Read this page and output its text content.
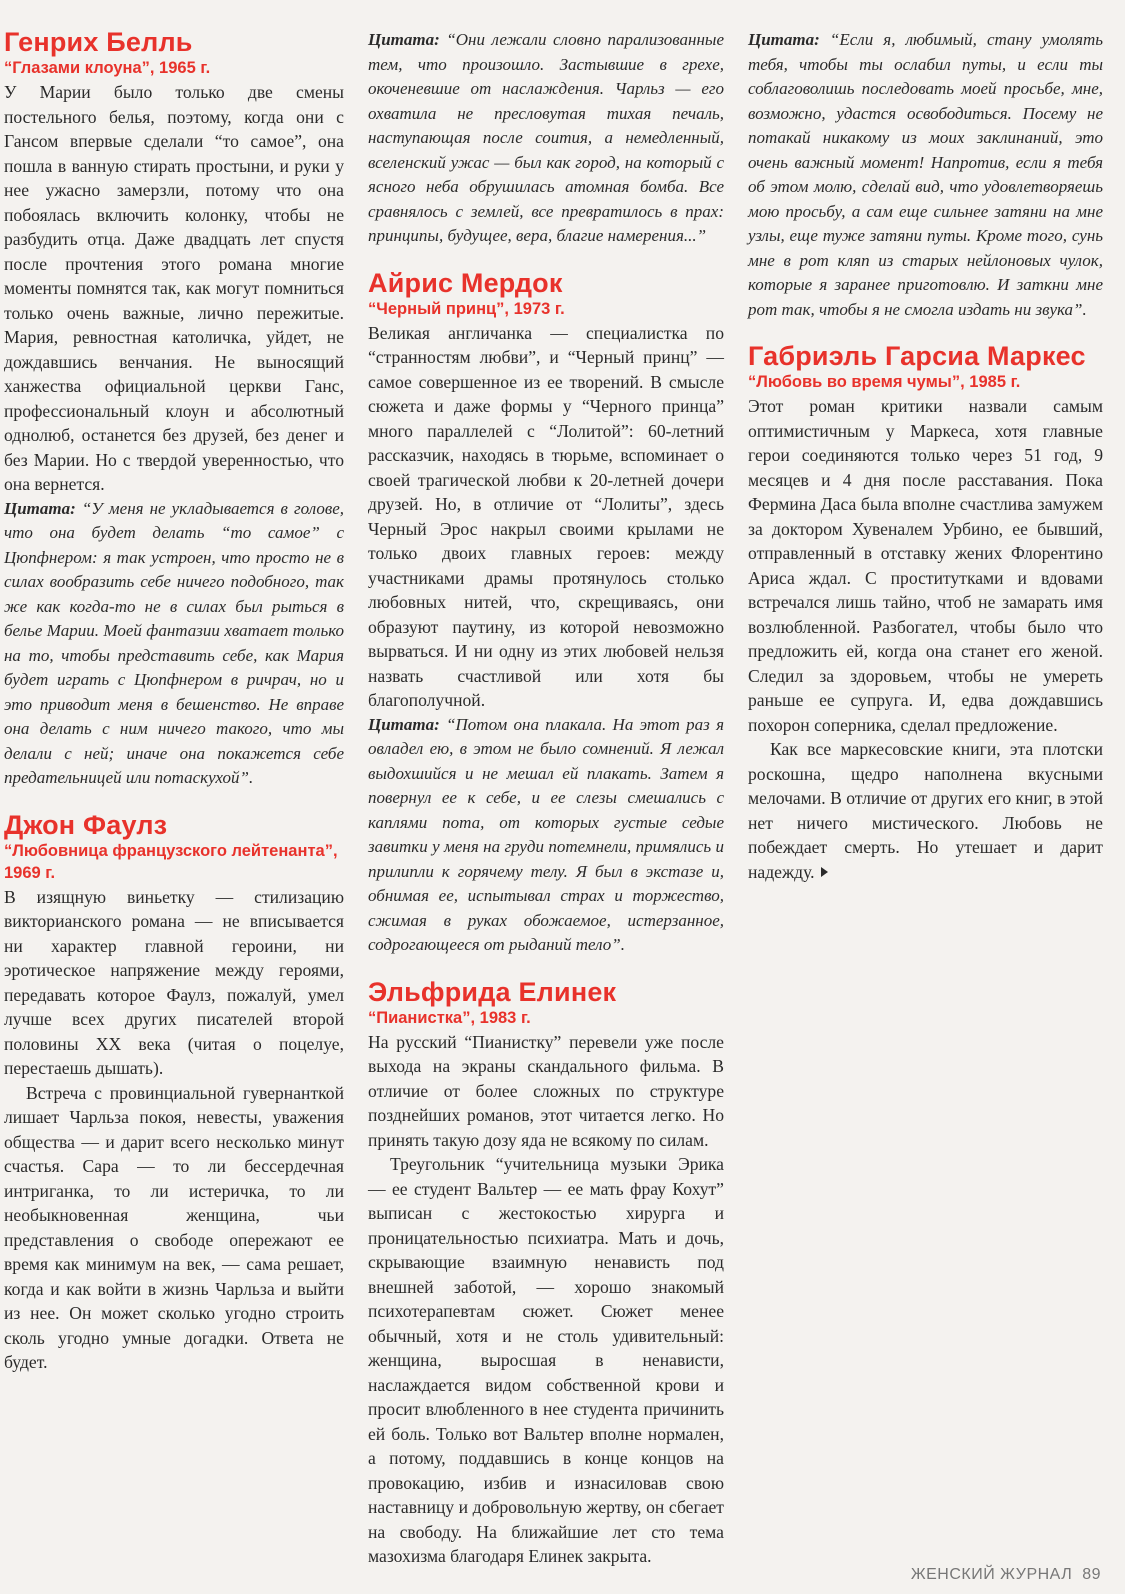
Генрих Белль
“Глазами клоуна”, 1965 г.

У Марии было только две смены постельного белья, поэтому, когда они с Гансом впервые сделали “то самое”, она пошла в ванную стирать простыни, и руки у нее ужасно замерзли, потому что она побоялась включить колонку, чтобы не разбудить отца. Даже двадцать лет спустя после прочтения этого романа многие моменты помнятся так, как могут помниться только очень важные, лично пережитые. Мария, ревностная католичка, уйдет, не дождавшись венчания. Не выносящий ханжества официальной церкви Ганс, профессиональный клоун и абсолютный однолюб, останется без друзей, без денег и без Марии. Но с твердой уверенностью, что она вернется.

Цитата: “У меня не укладывается в голове, что она будет делать “то самое” с Цюпфнером: я так устроен, что просто не в силах вообразить себе ничего подобного, так же как когда-то не в силах был рыться в белье Марии. Моей фантазии хватает только на то, чтобы представить себе, как Мария будет играть с Цюпфнером в ричрач, но и это приводит меня в бешенство. Не вправе она делать с ним ничего такого, что мы делали с ней; иначе она покажется себе предательницей или потаскухой”.

Джон Фаулз
“Любовница французского лейтенанта”, 1969 г.

В изящную виньетку — стилизацию викторианского романа — не вписывается ни характер главной героини, ни эротическое напряжение между героями, передавать которое Фаулз, пожалуй, умел лучше всех других писателей второй половины XX века (читая о поцелуе, перестаешь дышать).

Встреча с провинциальной гувернанткой лишает Чарльза покоя, невесты, уважения общества — и дарит всего несколько минут счастья. Сара — то ли бессердечная интриганка, то ли истеричка, то ли необыкновенная женщина, чьи представления о свободе опережают ее время как минимум на век, — сама решает, когда и как войти в жизнь Чарльза и выйти из нее. Он может сколько угодно строить сколь угодно умные догадки. Ответа не будет.

Цитата: “Они лежали словно парализованные тем, что произошло. Застывшие в грехе, окоченевшие от наслаждения. Чарльз — его охватила не пресловутая тихая печаль, наступающая после соития, а немедленный, вселенский ужас — был как город, на который с ясного неба обрушилась атомная бомба. Все сравнялось с землей, все превратилось в прах: принципы, будущее, вера, благие намерения...”

Айрис Мердок
“Черный принц”, 1973 г.

Великая англичанка — специалистка по “странностям любви”, и “Черный принц” — самое совершенное из ее творений. В смысле сюжета и даже формы у “Черного принца” много параллелей с “Лолитой”: 60-летний рассказчик, находясь в тюрьме, вспоминает о своей трагической любви к 20-летней дочери друзей. Но, в отличие от “Лолиты”, здесь Черный Эрос накрыл своими крылами не только двоих главных героев: между участниками драмы протянулось столько любовных нитей, что, скрещиваясь, они образуют паутину, из которой невозможно вырваться. И ни одну из этих любовей нельзя назвать счастливой или хотя бы благополучной.

Цитата: “Потом она плакала. На этот раз я овладел ею, в этом не было сомнений. Я лежал выдохшийся и не мешал ей плакать. Затем я повернул ее к себе, и ее слезы смешались с каплями пота, от которых густые седые завитки у меня на груди потемнели, примялись и прилипли к горячему телу. Я был в экстазе и, обнимая ее, испытывал страх и торжество, сжимая в руках обожаемое, истерзанное, содрогающееся от рыданий тело”.

Эльфрида Елинек
“Пианистка”, 1983 г.

На русский “Пианистку” перевели уже после выхода на экраны скандального фильма. В отличие от более сложных по структуре позднейших романов, этот читается легко. Но принять такую дозу яда не всякому по силам.

Треугольник “учительница музыки Эрика — ее студент Вальтер — ее мать фрау Кохут” выписан с жестокостью хирурга и проницательностью психиатра. Мать и дочь, скрывающие взаимную ненависть под внешней заботой, — хорошо знакомый психотерапевтам сюжет. Сюжет менее обычный, хотя и не столь удивительный: женщина, выросшая в ненависти, наслаждается видом собственной крови и просит влюбленного в нее студента причинить ей боль. Только вот Вальтер вполне нормален, а потому, поддавшись в конце концов на провокацию, избив и изнасиловав свою наставницу и добровольную жертву, он сбегает на свободу. На ближайшие лет сто тема мазохизма благодаря Елинек закрыта.

Цитата: “Если я, любимый, стану умолять тебя, чтобы ты ослабил путы, и если ты соблаговолишь последовать моей просьбе, мне, возможно, удастся освободиться. Посему не потакай никакому из моих заклинаний, это очень важный момент! Напротив, если я тебя об этом молю, сделай вид, что удовлетворяешь мою просьбу, а сам еще сильнее затяни на мне узлы, еще туже затяни путы. Кроме того, сунь мне в рот кляп из старых нейлоновых чулок, которые я заранее приготовлю. И заткни мне рот так, чтобы я не смогла издать ни звука”.

Габриэль Гарсиа Маркес
“Любовь во время чумы”, 1985 г.

Этот роман критики назвали самым оптимистичным у Маркеса, хотя главные герои соединяются только через 51 год, 9 месяцев и 4 дня после расставания. Пока Фермина Даса была вполне счастлива замужем за доктором Хувеналем Урбино, ее бывший, отправленный в отставку жених Флорентино Ариса ждал. С проститутками и вдовами встречался лишь тайно, чтоб не замарать имя возлюбленной. Разбогател, чтобы было что предложить ей, когда она станет его женой. Следил за здоровьем, чтобы не умереть раньше ее супруга. И, едва дождавшись похорон соперника, сделал предложение.

Как все маркесовские книги, эта плотски роскошна, щедро наполнена вкусными мелочами. В отличие от других его книг, в этой нет ничего мистического. Любовь не побеждает смерть. Но утешает и дарит надежду.

ЖЕНСКИЙ ЖУРНАЛ 89
